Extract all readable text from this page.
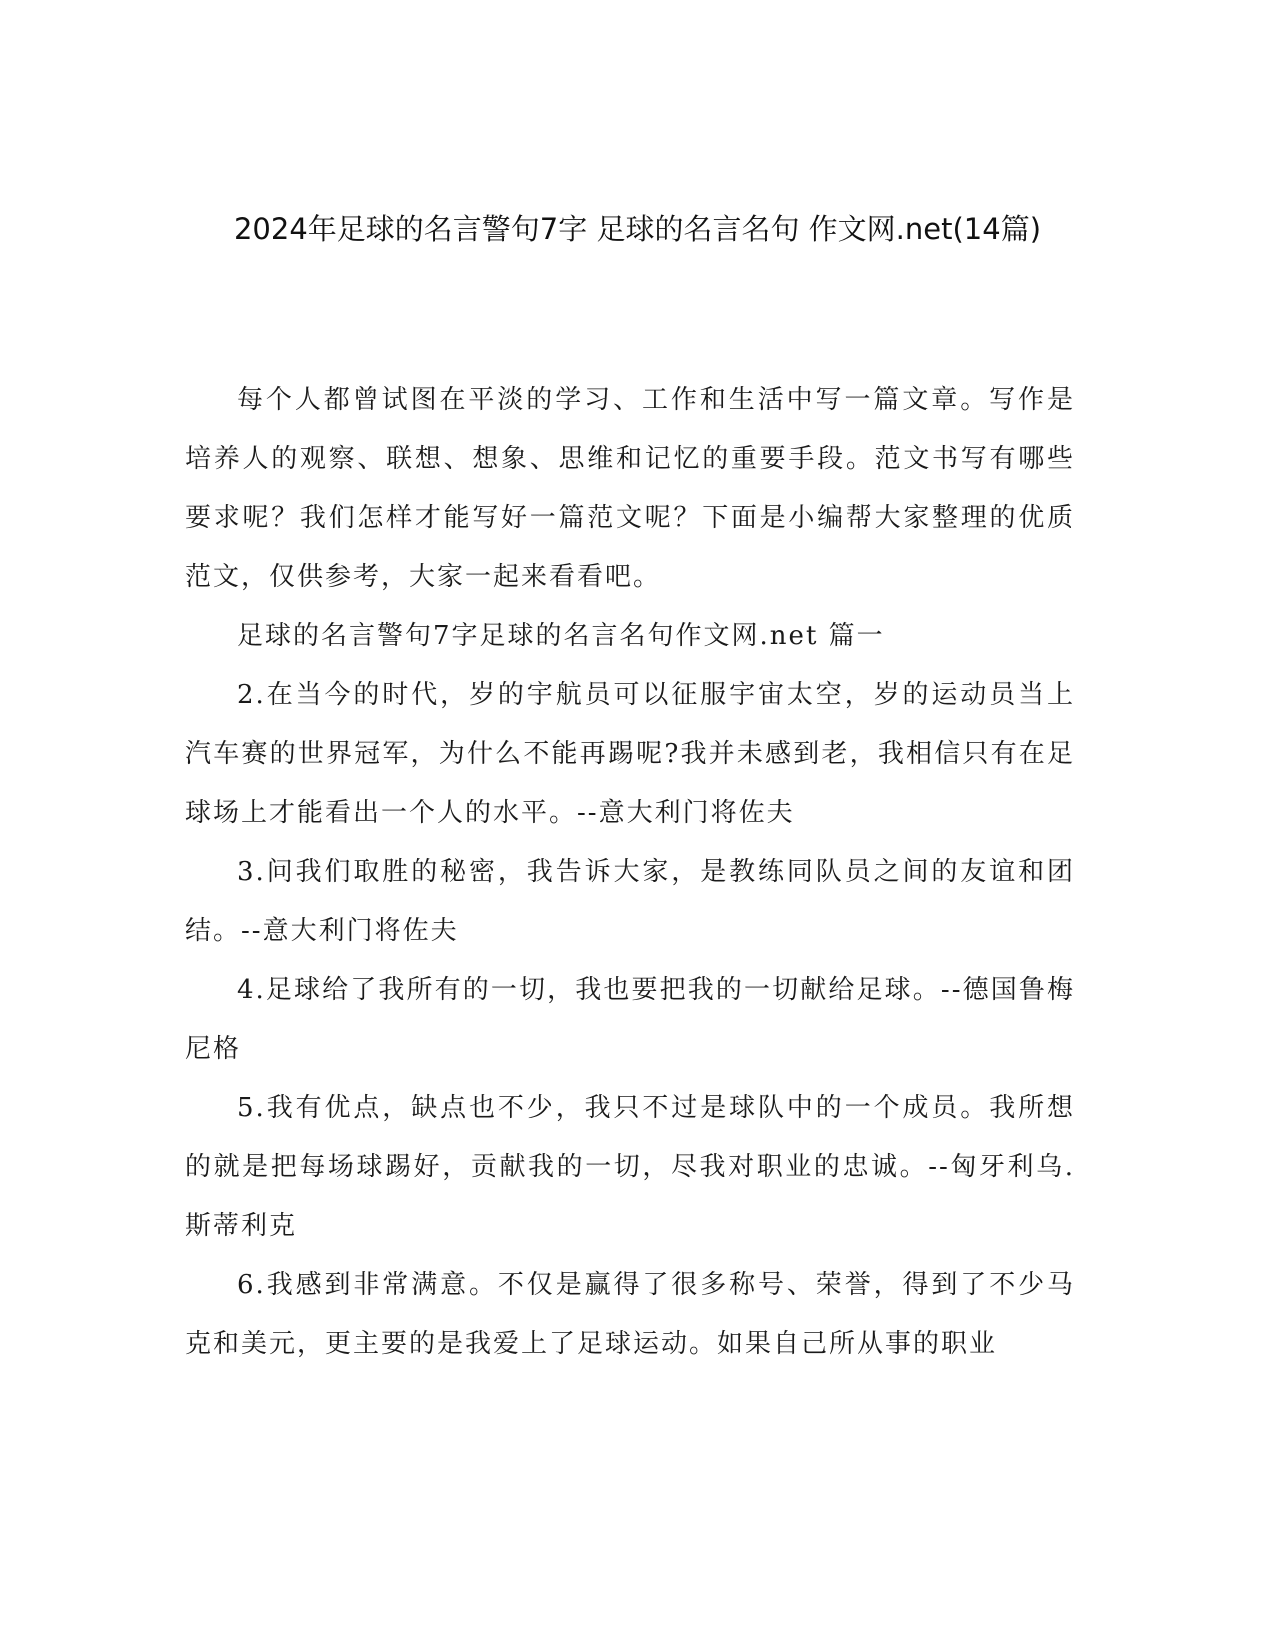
2024年足球的名言警句7字 足球的名言名句 作文网.net(14篇)

每个人都曾试图在平淡的学习、工作和生活中写一篇文章。写作是培养人的观察、联想、想象、思维和记忆的重要手段。范文书写有哪些要求呢？我们怎样才能写好一篇范文呢？下面是小编帮大家整理的优质范文，仅供参考，大家一起来看看吧。

足球的名言警句7字足球的名言名句作文网.net 篇一

2.在当今的时代，岁的宇航员可以征服宇宙太空，岁的运动员当上汽车赛的世界冠军，为什么不能再踢呢?我并未感到老，我相信只有在足球场上才能看出一个人的水平。--意大利门将佐夫

3.问我们取胜的秘密，我告诉大家，是教练同队员之间的友谊和团结。--意大利门将佐夫

4.足球给了我所有的一切，我也要把我的一切献给足球。--德国鲁梅尼格

5.我有优点，缺点也不少，我只不过是球队中的一个成员。我所想的就是把每场球踢好，贡献我的一切，尽我对职业的忠诚。--匈牙利乌.斯蒂利克

6.我感到非常满意。不仅是赢得了很多称号、荣誉，得到了不少马克和美元，更主要的是我爱上了足球运动。如果自己所从事的职业
